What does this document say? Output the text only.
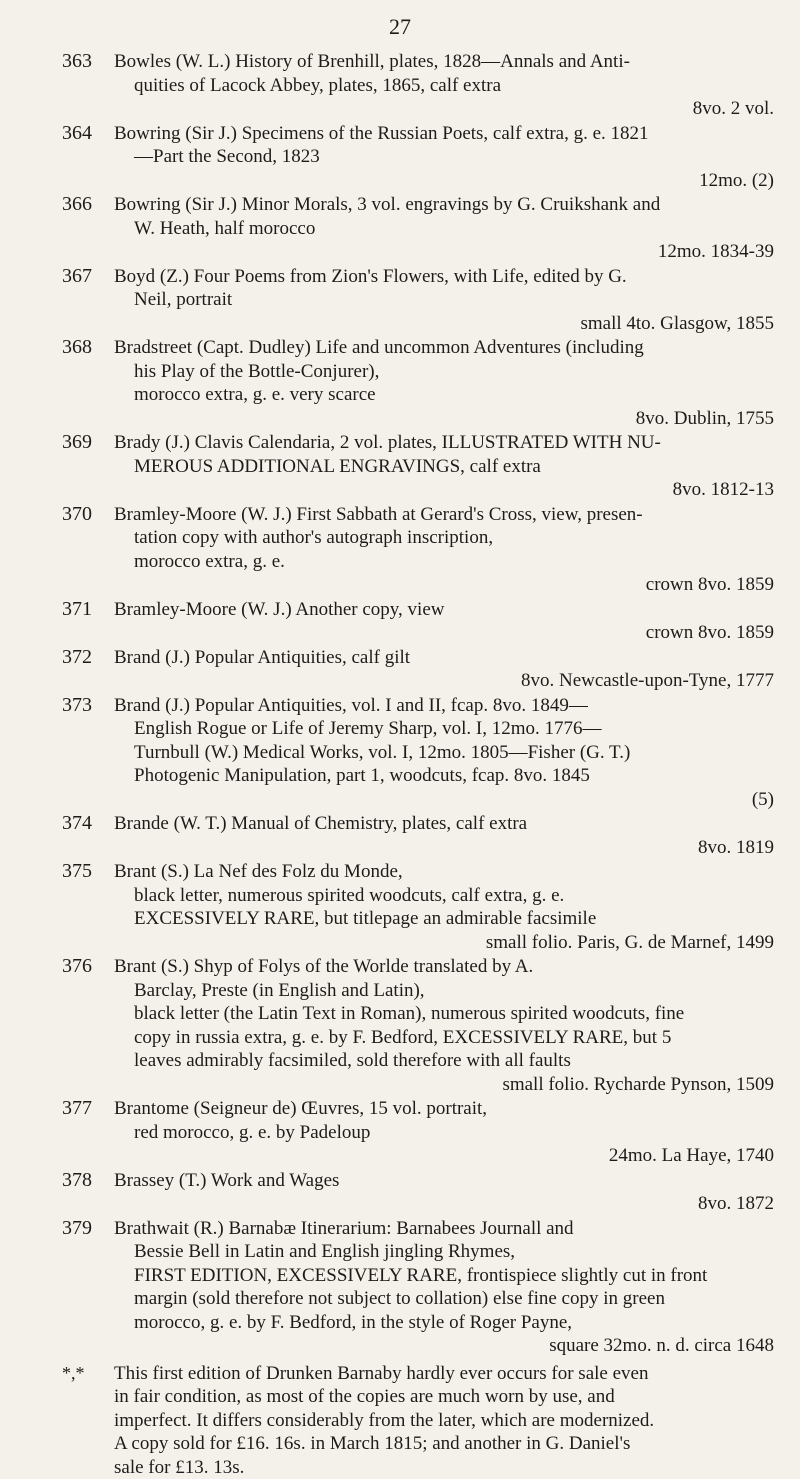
27
363 Bowles (W. L.) History of Brenhill, plates, 1828—Annals and Anti-
quities of Lacock Abbey, plates, 1865, calf extra
8vo. 2 vol.
364 Bowring (Sir J.) Specimens of the Russian Poets, calf extra, g. e. 1821
—Part the Second, 1823
12mo. (2)
366 Bowring (Sir J.) Minor Morals, 3 vol. engravings by G. Cruikshank and
W. Heath, half morocco
12mo. 1834-39
367 Boyd (Z.) Four Poems from Zion's Flowers, with Life, edited by G.
Neil, portrait
small 4to. Glasgow, 1855
368 Bradstreet (Capt. Dudley) Life and uncommon Adventures (including
his Play of the Bottle-Conjurer),
morocco extra, g. e. very scarce
8vo. Dublin, 1755
369 Brady (J.) Clavis Calendaria, 2 vol. plates, ILLUSTRATED WITH NU-
MEROUS ADDITIONAL ENGRAVINGS, calf extra
8vo. 1812-13
370 Bramley-Moore (W. J.) First Sabbath at Gerard's Cross, view, presen-
tation copy with author's autograph inscription,
morocco extra, g. e.
crown 8vo. 1859
371 Bramley-Moore (W. J.) Another copy, view
crown 8vo. 1859
372 Brand (J.) Popular Antiquities, calf gilt
8vo. Newcastle-upon-Tyne, 1777
373 Brand (J.) Popular Antiquities, vol. I and II, fcap. 8vo. 1849—
English Rogue or Life of Jeremy Sharp, vol. I, 12mo. 1776—
Turnbull (W.) Medical Works, vol. I, 12mo. 1805—Fisher (G. T.)
Photogenic Manipulation, part 1, woodcuts, fcap. 8vo. 1845
(5)
374 Brande (W. T.) Manual of Chemistry, plates, calf extra
8vo. 1819
375 Brant (S.) La Nef des Folz du Monde,
black letter, numerous spirited woodcuts, calf extra, g. e.
EXCESSIVELY RARE, but titlepage an admirable facsimile
small folio. Paris, G. de Marnef, 1499
376 Brant (S.) Shyp of Folys of the Worlde translated by A.
Barclay, Preste (in English and Latin),
black letter (the Latin Text in Roman), numerous spirited woodcuts, fine
copy in russia extra, g. e. by F. Bedford, EXCESSIVELY RARE, but 5
leaves admirably facsimiled, sold therefore with all faults
small folio. Rycharde Pynson, 1509
377 Brantome (Seigneur de) Œuvres, 15 vol. portrait,
red morocco, g. e. by Padeloup
24mo. La Haye, 1740
378 Brassey (T.) Work and Wages
8vo. 1872
379 Brathwait (R.) Barnabæ Itinerarium: Barnabees Journall and
Bessie Bell in Latin and English jingling Rhymes,
FIRST EDITION, EXCESSIVELY RARE, frontispiece slightly cut in front
margin (sold therefore not subject to collation) else fine copy in green
morocco, g. e. by F. Bedford, in the style of Roger Payne,
square 32mo. n. d. circa 1648
*,* This first edition of Drunken Barnaby hardly ever occurs for sale even
in fair condition, as most of the copies are much worn by use, and
imperfect. It differs considerably from the later, which are modernized.
A copy sold for £16. 16s. in March 1815; and another in G. Daniel's
sale for £13. 13s.
